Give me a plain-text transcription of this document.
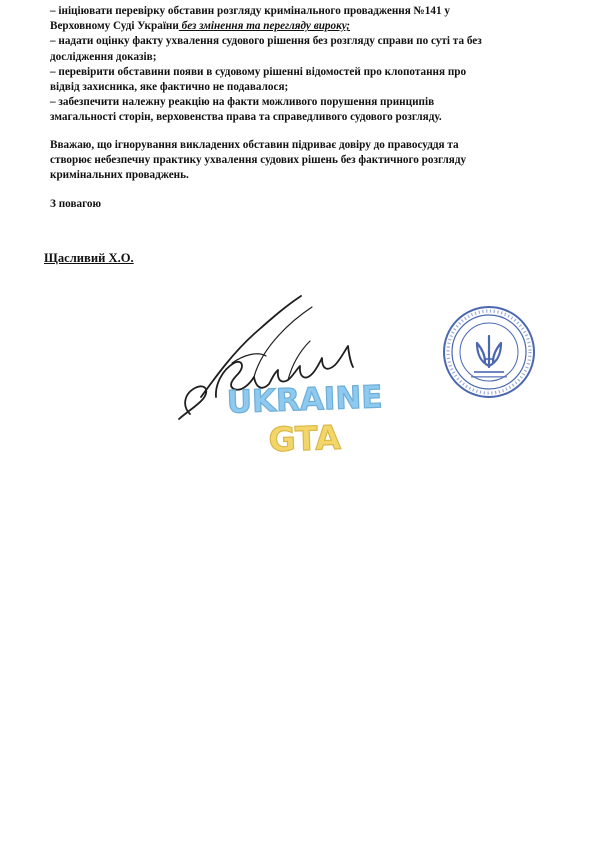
– ініціювати перевірку обставин розгляду кримінального провадження №141 у
Верховному Суді України без змінення та перегляду вироку;
– надати оцінку факту ухвалення судового рішення без розгляду справи по суті та без
дослідження доказів;
– перевірити обставини появи в судовому рішенні відомостей про клопотання про
відвід захисника, яке фактично не подавалося;
– забезпечити належну реакцію на факти можливого порушення принципів
змагальності сторін, верховенства права та справедливого судового розгляду.
Вважаю, що ігнорування викладених обставин підриває довіру до правосуддя та
створює небезпечну практику ухвалення судових рішень без фактичного розгляду
кримінальних проваджень.
З повагою
Щасливий Х.О.
UKRAINE
GTA
